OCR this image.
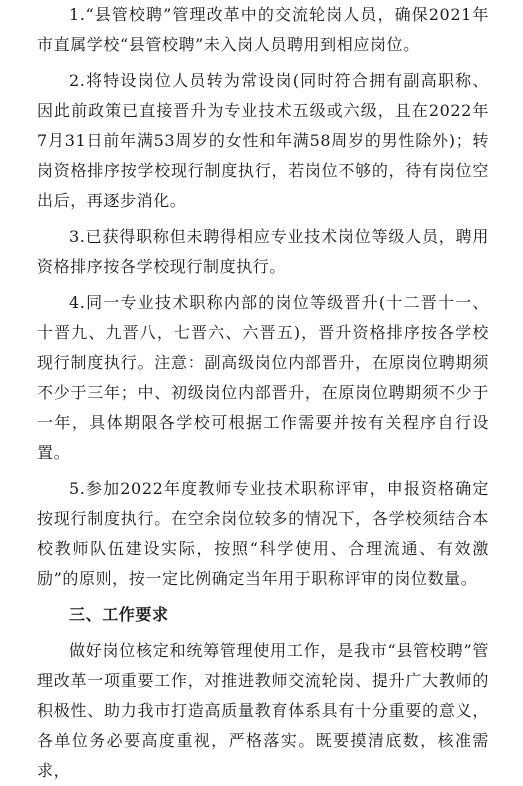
1.“县管校聘”管理改革中的交流轮岗人员，确保2021年市直属学校“县管校聘”未入岗人员聘用到相应岗位。

2.将特设岗位人员转为常设岗(同时符合拥有副高职称、因此前政策已直接晋升为专业技术五级或六级，且在2022年7月31日前年满53周岁的女性和年满58周岁的男性除外)；转岗资格排序按学校现行制度执行，若岗位不够的，待有岗位空出后，再逐步消化。

3.已获得职称但未聘得相应专业技术岗位等级人员，聘用资格排序按各学校现行制度执行。

4.同一专业技术职称内部的岗位等级晋升(十二晋十一、十晋九、九晋八，七晋六、六晋五)，晋升资格排序按各学校现行制度执行。注意：副高级岗位内部晋升，在原岗位聘期须不少于三年；中、初级岗位内部晋升，在原岗位聘期须不少于一年，具体期限各学校可根据工作需要并按有关程序自行设置。

5.参加2022年度教师专业技术职称评审，申报资格确定按现行制度执行。在空余岗位较多的情况下，各学校须结合本校教师队伍建设实际，按照“科学使用、合理流通、有效激励”的原则，按一定比例确定当年用于职称评审的岗位数量。

三、工作要求

做好岗位核定和统筹管理使用工作，是我市“县管校聘”管理改革一项重要工作，对推进教师交流轮岗、提升广大教师的积极性、助力我市打造高质量教育体系具有十分重要的意义，各单位务必要高度重视，严格落实。既要摸清底数，核准需求，
